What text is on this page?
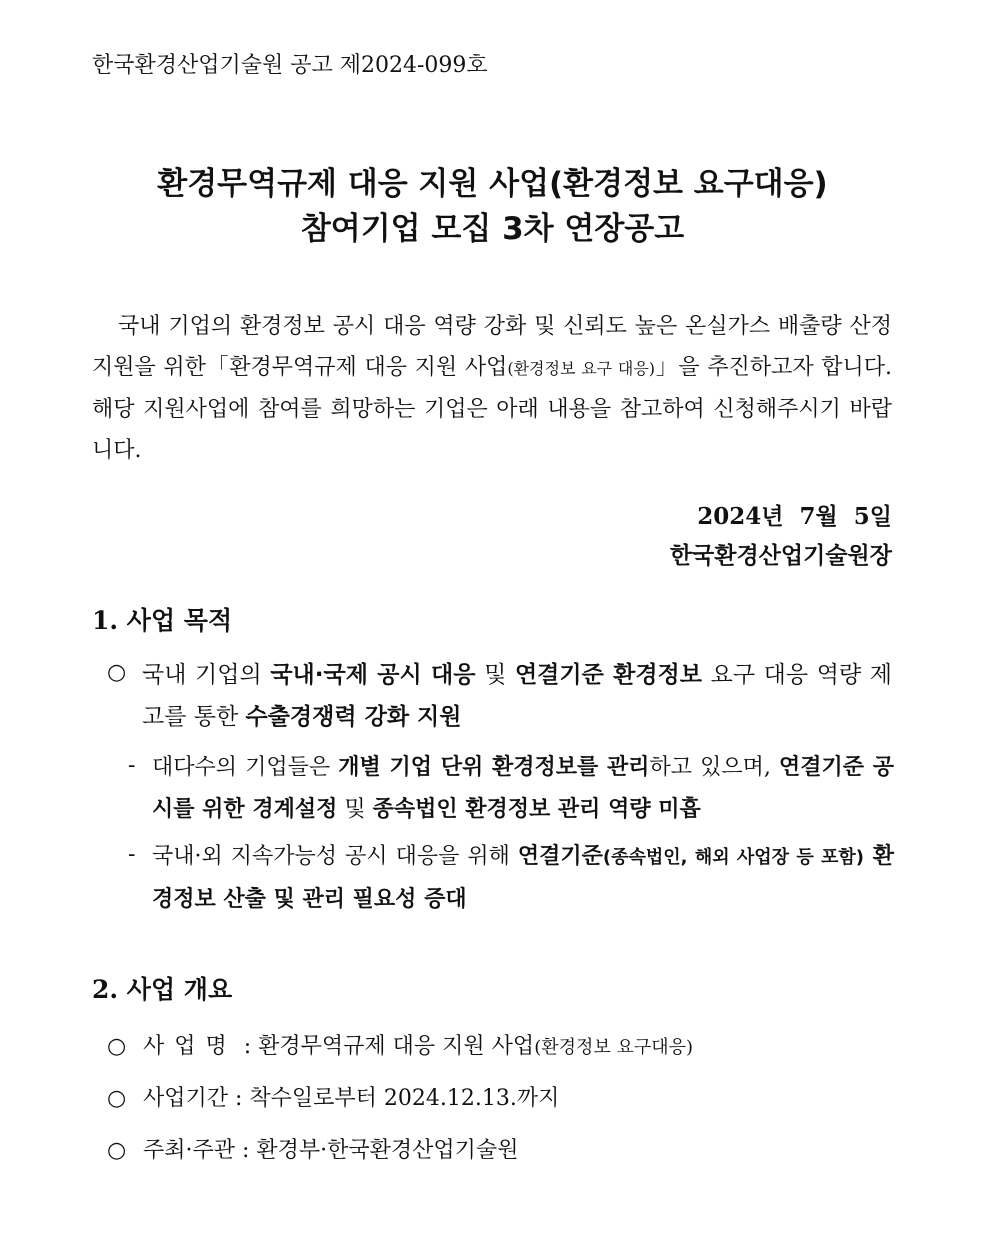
한국환경산업기술원 공고 제2024-099호
환경무역규제 대응 지원 사업(환경정보 요구대응)
참여기업 모집 3차 연장공고

국내 기업의 환경정보 공시 대응 역량 강화 및 신뢰도 높은 온실가스 배출량 산정 지원을 위한「환경무역규제 대응 지원 사업(환경정보 요구 대응)」을 추진하고자 합니다. 해당 지원사업에 참여를 희망하는 기업은 아래 내용을 참고하여 신청해주시기 바랍니다.

2024년  7월  5일
한국환경산업기술원장
1. 사업 목적
○ 국내 기업의 국내·국제 공시 대응 및 연결기준 환경정보 요구 대응 역량 제고를 통한 수출경쟁력 강화 지원

- 대다수의 기업들은 개별 기업 단위 환경정보를 관리하고 있으며, 연결기준 공시를 위한 경계설정 및 종속법인 환경정보 관리 역량 미흡

- 국내·외 지속가능성 공시 대응을 위해 연결기준(종속법인, 해외 사업장 등 포함) 환경정보 산출 및 관리 필요성 증대

2. 사업 개요
○ 사업명 : 환경무역규제 대응 지원 사업(환경정보 요구대응)
○ 사업기간 : 착수일로부터 2024.12.13.까지
○ 주최·주관 : 환경부·한국환경산업기술원
